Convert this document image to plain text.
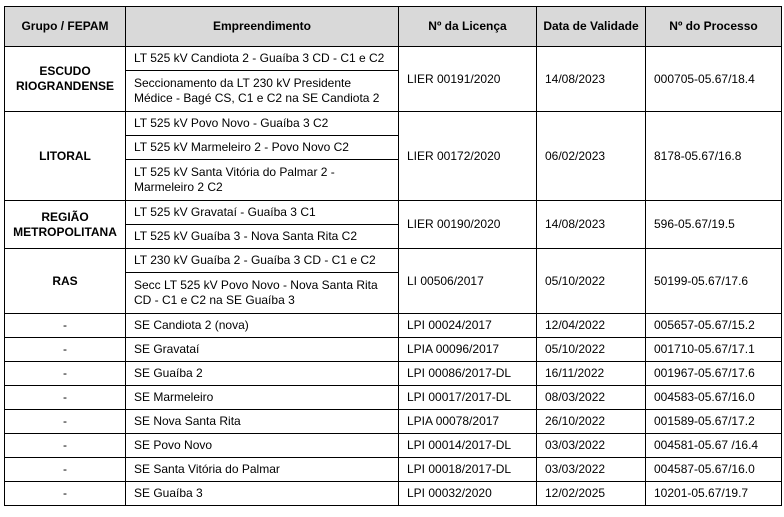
Grupo / FEPAM	Empreendimento	Nº da Licença	Data de Validade	Nº do Processo
ESCUDO RIOGRANDENSE	LT 525 kV Candiota 2 - Guaíba 3 CD - C1 e C2	LIER 00191/2020	14/08/2023	000705-05.67/18.4
	Seccionamento da LT 230 kV Presidente Médice - Bagé CS, C1 e C2 na SE Candiota 2			
LITORAL	LT 525 kV Povo Novo - Guaíba 3 C2	LIER 00172/2020	06/02/2023	8178-05.67/16.8
	LT 525 kV Marmeleiro 2 - Povo Novo C2			
	LT 525 kV Santa Vitória do Palmar 2 - Marmeleiro 2 C2			
REGIÃO METROPOLITANA	LT 525 kV Gravataí - Guaíba 3 C1	LIER 00190/2020	14/08/2023	596-05.67/19.5
	LT 525 kV Guaíba 3 - Nova Santa Rita C2			
RAS	LT 230 kV Guaíba 2 - Guaíba 3 CD - C1 e C2	LI 00506/2017	05/10/2022	50199-05.67/17.6
	Secc LT 525 kV Povo Novo - Nova Santa Rita CD - C1 e C2 na SE Guaíba 3			
-	SE Candiota 2 (nova)	LPI 00024/2017	12/04/2022	005657-05.67/15.2
-	SE Gravataí	LPIA 00096/2017	05/10/2022	001710-05.67/17.1
-	SE Guaíba 2	LPI 00086/2017-DL	16/11/2022	001967-05.67/17.6
-	SE Marmeleiro	LPI 00017/2017-DL	08/03/2022	004583-05.67/16.0
-	SE Nova Santa Rita	LPIA 00078/2017	26/10/2022	001589-05.67/17.2
-	SE Povo Novo	LPI 00014/2017-DL	03/03/2022	004581-05.67 /16.4
-	SE Santa Vitória do Palmar	LPI 00018/2017-DL	03/03/2022	004587-05.67/16.0
-	SE Guaíba 3	LPI 00032/2020	12/02/2025	10201-05.67/19.7
